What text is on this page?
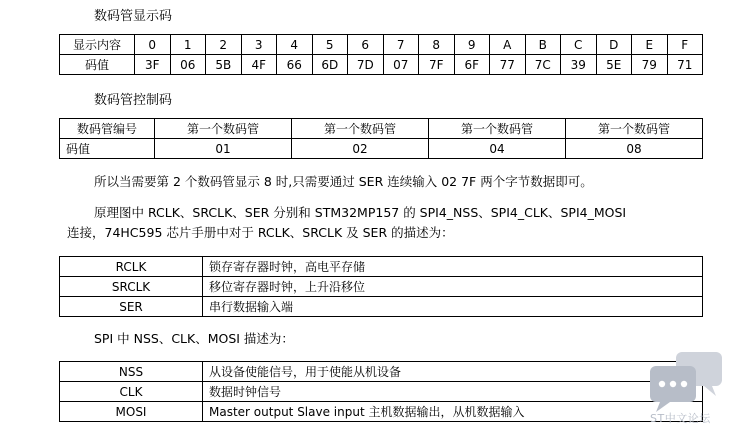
数码管显示码
显示内容	0	1	2	3	4	5	6	7	8	9	A	B	C	D	E	F
码值	3F	06	5B	4F	66	6D	7D	07	7F	6F	77	7C	39	5E	79	71
数码管控制码
数码管编号	第一个数码管	第一个数码管	第一个数码管	第一个数码管
码值	01	02	04	08
所以当需要第 2 个数码管显示 8 时,只需要通过 SER 连续输入 02 7F 两个字节数据即可。
原理图中 RCLK、SRCLK、SER 分别和 STM32MP157 的 SPI4_NSS、SPI4_CLK、SPI4_MOSI
连接，74HC595 芯片手册中对于 RCLK、SRCLK 及 SER 的描述为：
RCLK	锁存寄存器时钟，高电平存储
SRCLK	移位寄存器时钟，上升沿移位
SER	串行数据输入端
SPI 中 NSS、CLK、MOSI 描述为：
NSS	从设备使能信号，用于使能从机设备
CLK	数据时钟信号
MOSI	Master output Slave input 主机数据输出，从机数据输入	ST中文论坛
